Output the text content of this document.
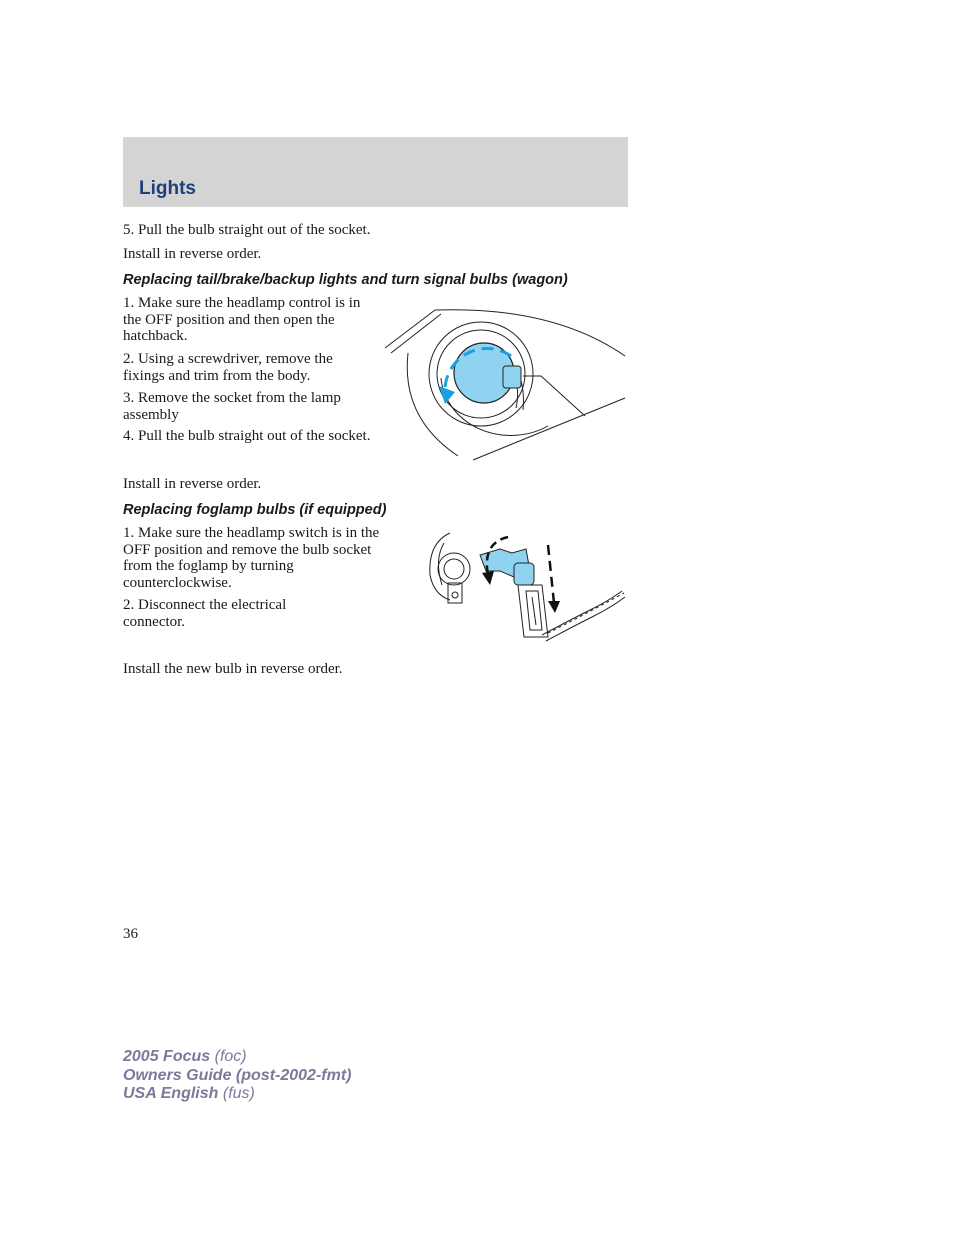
Lights

5. Pull the bulb straight out of the socket.

Install in reverse order.

Replacing tail/brake/backup lights and turn signal bulbs (wagon)

1. Make sure the headlamp control is in the OFF position and then open the hatchback.

2. Using a screwdriver, remove the fixings and trim from the body.

3. Remove the socket from the lamp assembly

4. Pull the bulb straight out of the socket.

Install in reverse order.

Replacing foglamp bulbs (if equipped)

1. Make sure the headlamp switch is in the OFF position and remove the bulb socket from the foglamp by turning counterclockwise.

2. Disconnect the electrical connector.

Install the new bulb in reverse order.

36
2005 Focus (foc)
Owners Guide (post-2002-fmt)
USA English (fus)
